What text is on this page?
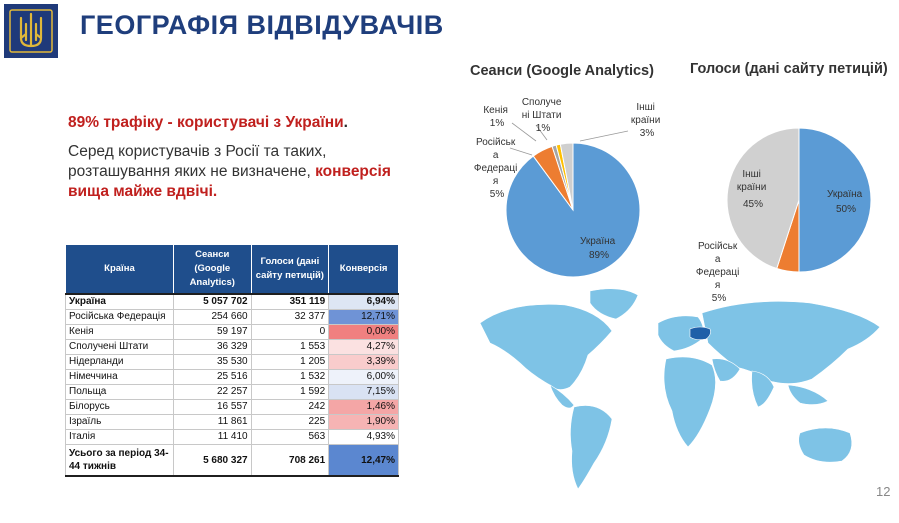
ГЕОГРАФІЯ ВІДВІДУВАЧІВ
89% трафіку - користувачі з України.
Серед користувачів з Росії та таких, розташування яких не визначене, конверсія вища майже вдвічі.
Країна	Сеанси (Google Analytics)	Голоси (дані сайту петицій)	Конверсія
Україна	5 057 702	351 119	6,94%
Російська Федерація	254 660	32 377	12,71%
Кенія	59 197	0	0,00%
Сполучені Штати	36 329	1 553	4,27%
Нідерланди	35 530	1 205	3,39%
Німеччина	25 516	1 532	6,00%
Польща	22 257	1 592	7,15%
Білорусь	16 557	242	1,46%
Ізраїль	11 861	225	1,90%
Італія	11 410	563	4,93%
Усього за період 34-44 тижнів	5 680 327	708 261	12,47%
Сеанси (Google Analytics) Голоси (дані сайту петицій)
Кенія 1%
Сполуче ні Штати 1%
Інші країни 3%
Російськ а Федераці я 5%
Україна 89%
Інші країни 45%
Україна 50%
Російськ а Федераці я 5%
12
